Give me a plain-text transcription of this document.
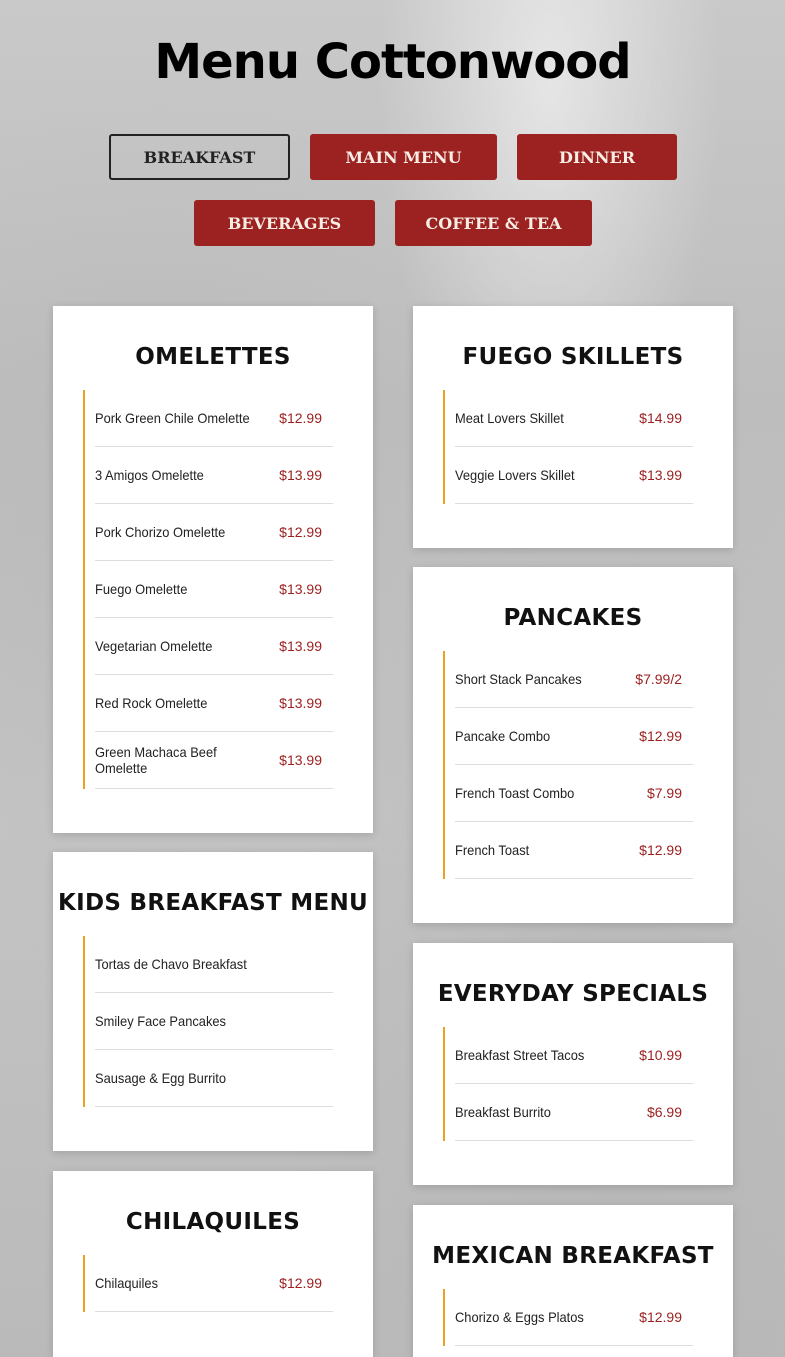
Menu Cottonwood
BREAKFAST	MAIN MENU	DINNER
BEVERAGES	COFFEE & TEA
OMELETTES
Pork Green Chile Omelette $12.99
3 Amigos Omelette	$13.99
Pork Chorizo Omelette	$12.99
Fuego Omelette	$13.99
Vegetarian Omelette	$13.99
Red Rock Omelette	$13.99
Green Machaca Beef Omelette	$13.99
KIDS BREAKFAST MENU
Tortas de Chavo Breakfast
Smiley Face Pancakes
Sausage & Egg Burrito
CHILAQUILES
Chilaquiles	$12.99
FUEGO SKILLETS
Meat Lovers Skillet	$14.99
Veggie Lovers Skillet	$13.99
PANCAKES
Short Stack Pancakes	$7.99/2
Pancake Combo	$12.99
French Toast Combo	$7.99
French Toast	$12.99
EVERYDAY SPECIALS
Breakfast Street Tacos	$10.99
Breakfast Burrito	$6.99
MEXICAN BREAKFAST
Chorizo & Eggs Platos	$12.99
